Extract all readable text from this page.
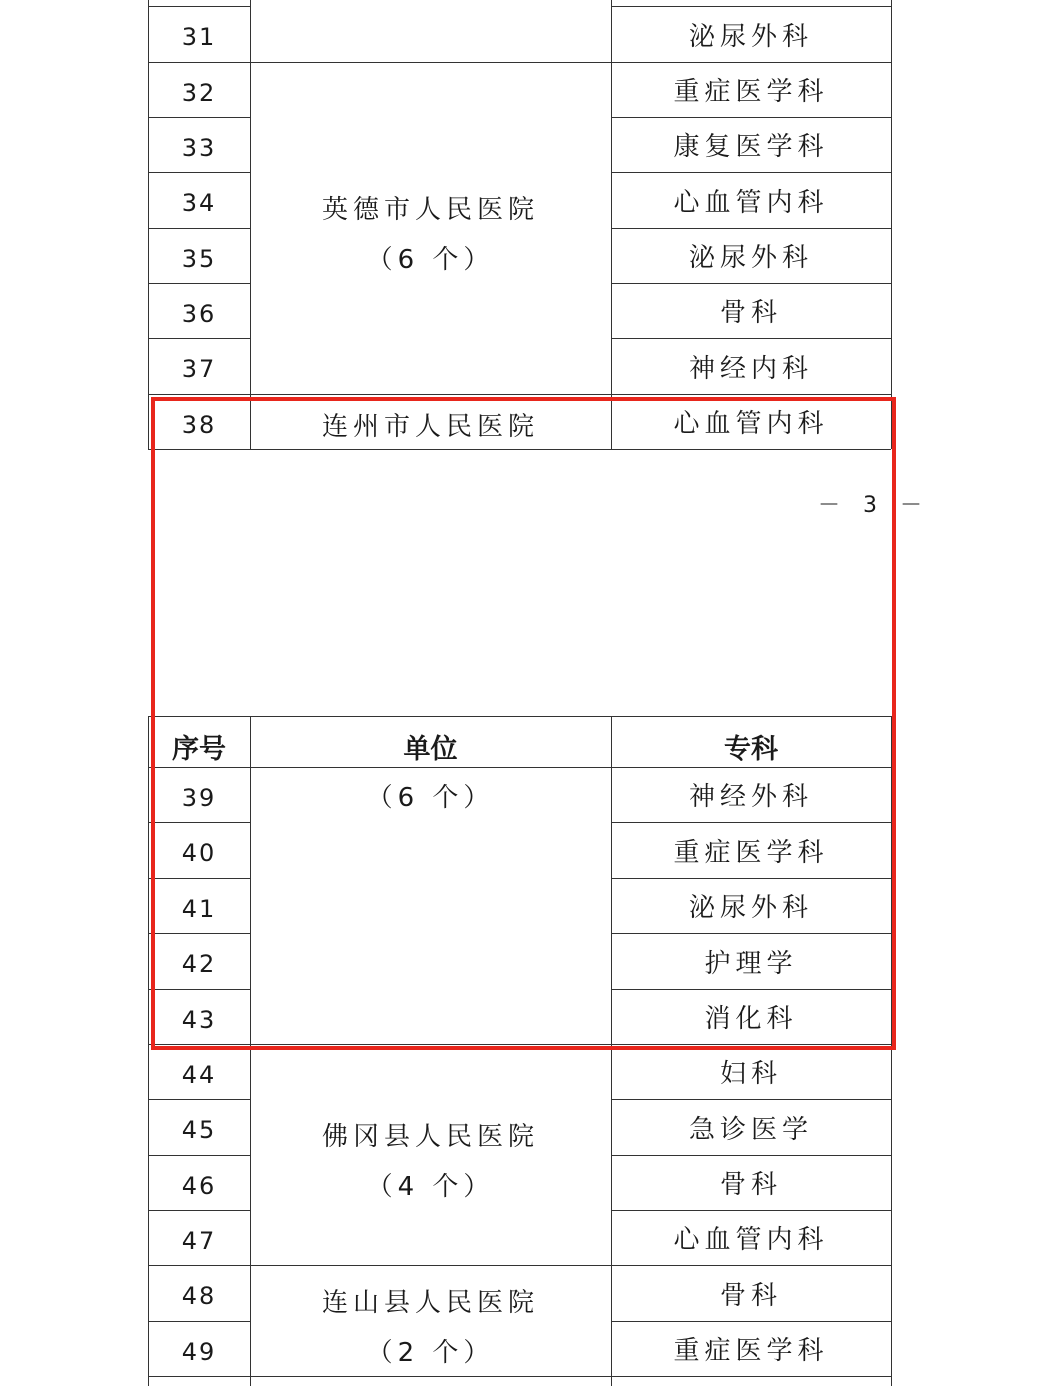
31
32
33
34
35
36
37
38
泌尿外科
重症医学科
康复医学科
心血管内科
泌尿外科
骨科
神经内科
心血管内科
英德市人民医院
（6 个）
连州市人民医院
－ 3 －
序号	单位	专科
39
40
41
42
43
44
45
46
47
48
49
神经外科
重症医学科
泌尿外科
护理学
消化科
妇科
急诊医学
骨科
心血管内科
骨科
重症医学科
（6 个）
佛冈县人民医院
（4 个）
连山县人民医院
（2 个）
